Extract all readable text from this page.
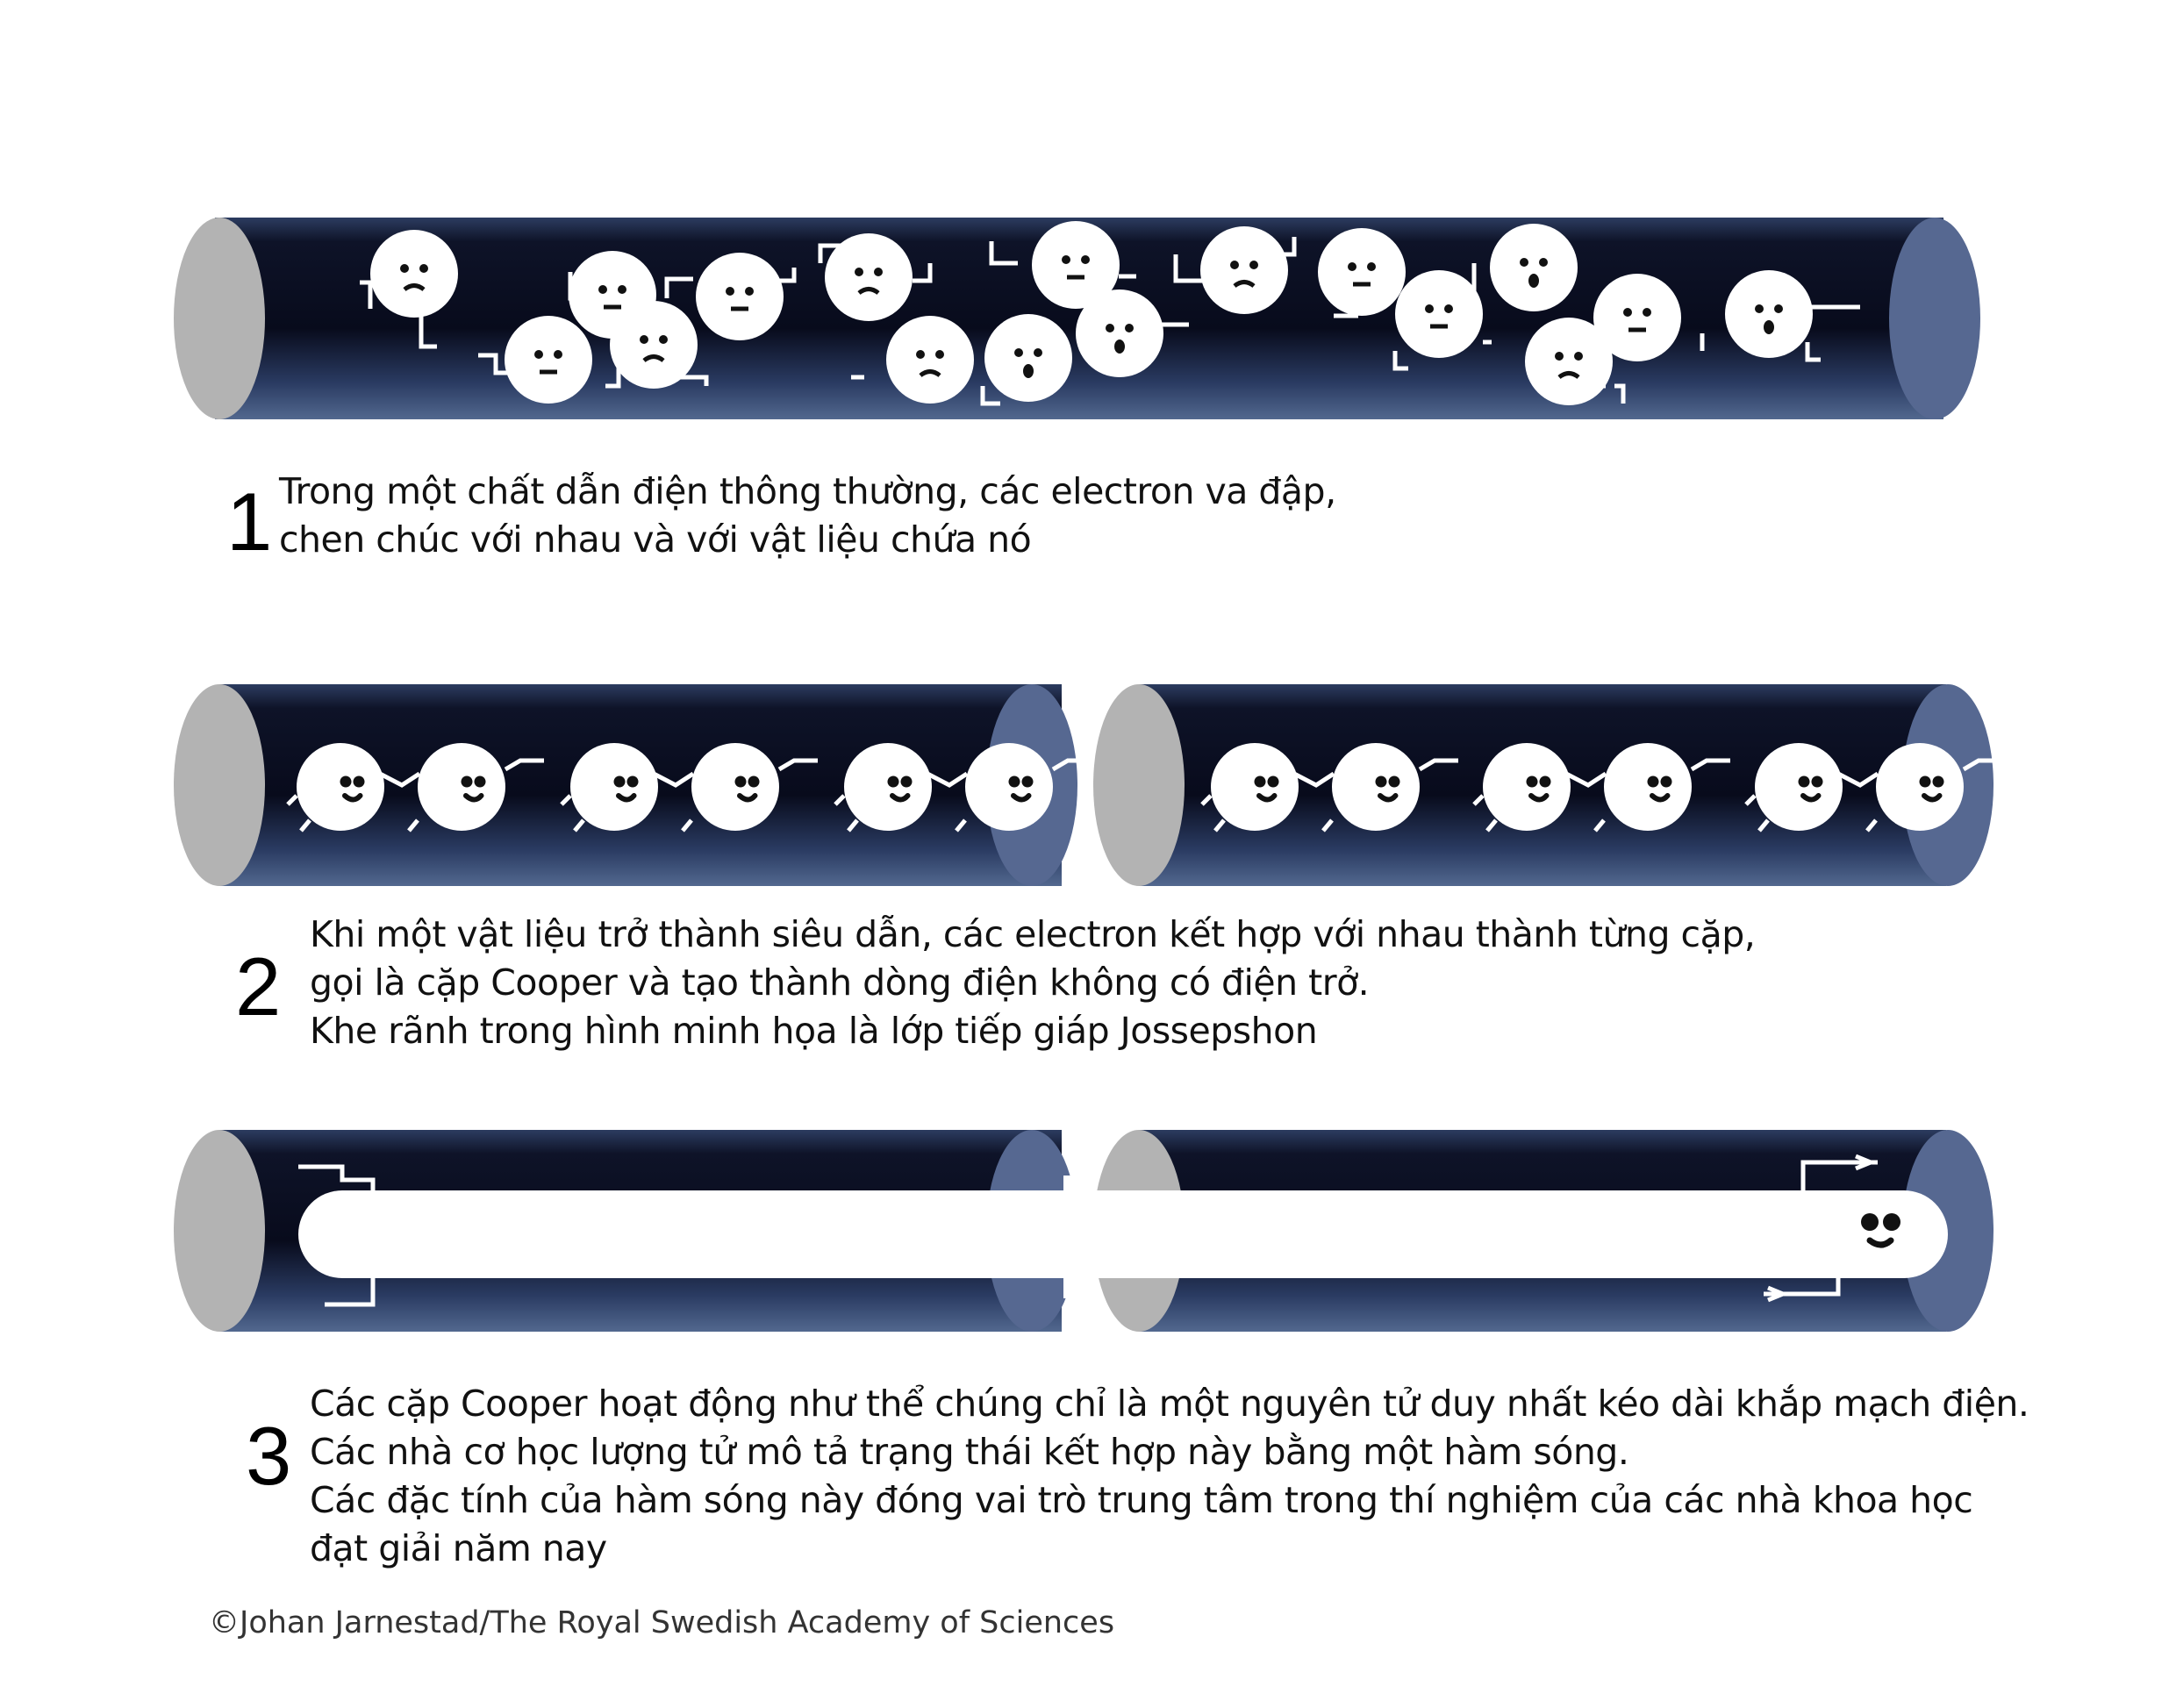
1 Trong một chất dẫn điện thông thường, các electron va đập,
chen chúc với nhau và với vật liệu chứa nó
2
Khi một vật liệu trở thành siêu dẫn, các electron kết hợp với nhau thành từng cặp,
gọi là cặp Cooper và tạo thành dòng điện không có điện trở.
Khe rãnh trong hình minh họa là lớp tiếp giáp Jossepshon
3
Các cặp Cooper hoạt động như thể chúng chỉ là một nguyên tử duy nhất kéo dài khắp mạch điện.
Các nhà cơ học lượng tử mô tả trạng thái kết hợp này bằng một hàm sóng.
Các đặc tính của hàm sóng này đóng vai trò trung tâm trong thí nghiệm của các nhà khoa học
đạt giải năm nay
©Johan Jarnestad/The Royal Swedish Academy of Sciences
